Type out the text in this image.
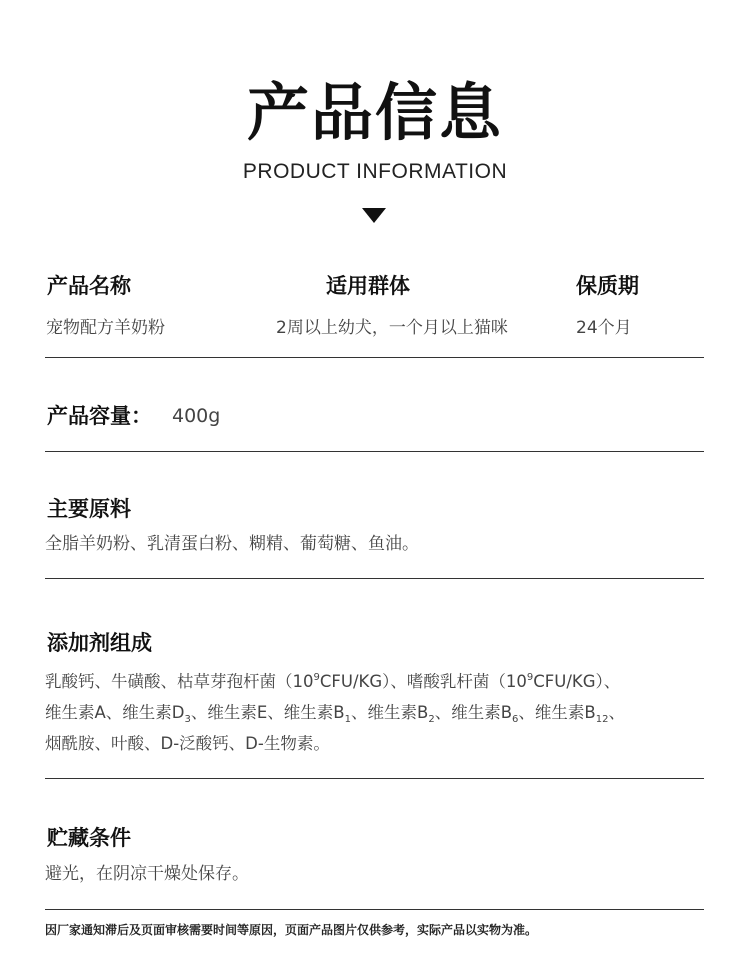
产品信息
PRODUCT INFORMATION
产品名称
宠物配方羊奶粉
适用群体
2周以上幼犬，一个月以上猫咪
保质期
24个月
产品容量： 400g
主要原料
全脂羊奶粉、乳清蛋白粉、糊精、葡萄糖、鱼油。
添加剂组成
乳酸钙、牛磺酸、枯草芽孢杆菌$(10^9CFU/KG)$、嗜酸乳杆菌$(10^9CFU/KG)$、
维生素A、维生素$D_3$、维生素E、维生素$B_1$、维生素$B_2$、维生素$B_6$、维生素$B_{12}$、
烟酰胺、叶酸、D-泛酸钙、D-生物素。
贮藏条件
避光，在阴凉干燥处保存。
因厂家通知滞后及页面审核需要时间等原因，页面产品图片仅供参考，实际产品以实物为准。
